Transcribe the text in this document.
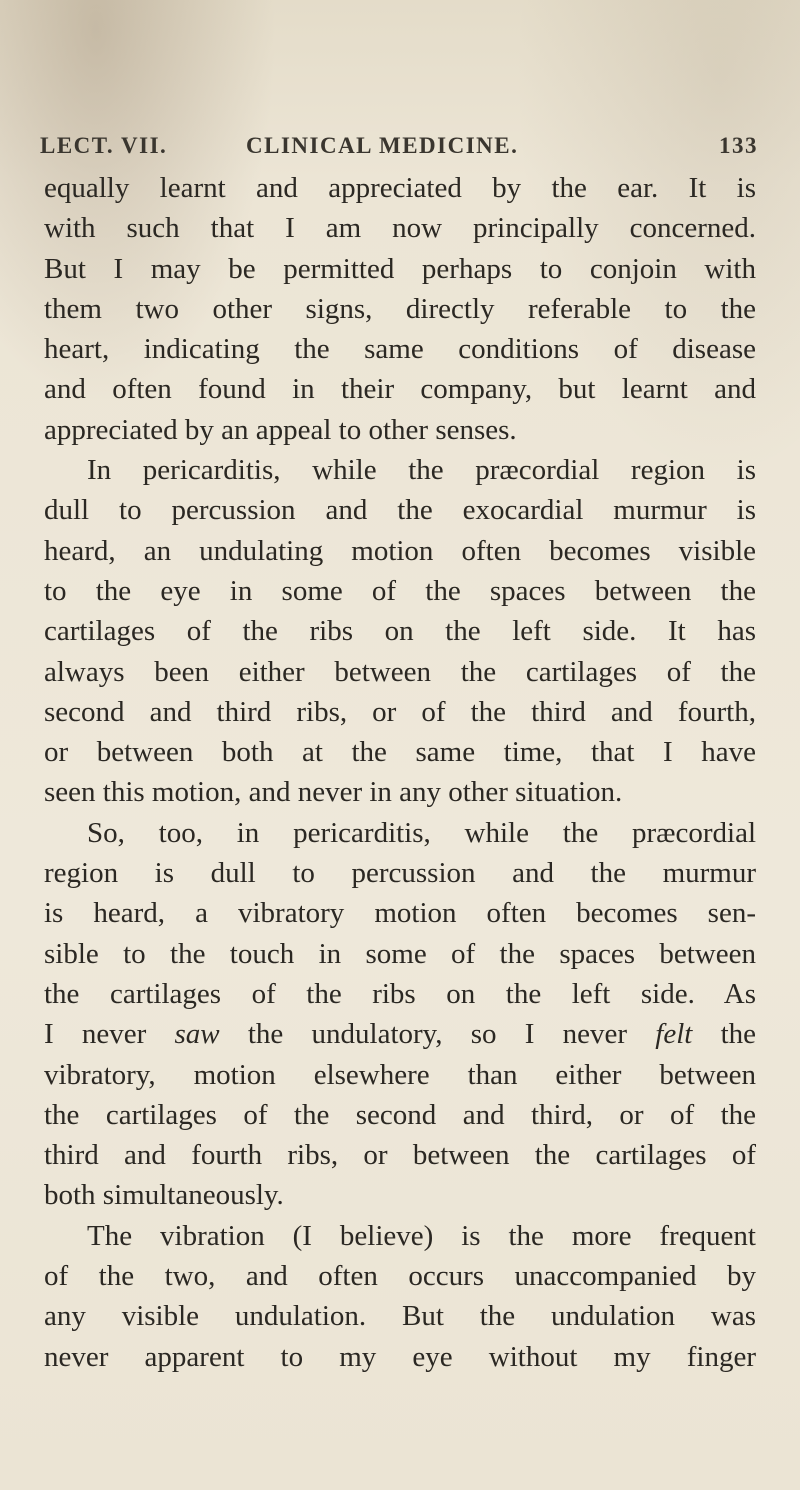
LECT. VII.	CLINICAL MEDICINE.	133
equally learnt and appreciated by the ear. It is
with such that I am now principally concerned.
But I may be permitted perhaps to conjoin with
them two other signs, directly referable to the
heart, indicating the same conditions of disease
and often found in their company, but learnt and
appreciated by an appeal to other senses.
In pericarditis, while the præcordial region is
dull to percussion and the exocardial murmur is
heard, an undulating motion often becomes visible
to the eye in some of the spaces between the
cartilages of the ribs on the left side. It has
always been either between the cartilages of the
second and third ribs, or of the third and fourth,
or between both at the same time, that I have
seen this motion, and never in any other situation.
So, too, in pericarditis, while the præcordial
region is dull to percussion and the murmur
is heard, a vibratory motion often becomes sen-
sible to the touch in some of the spaces between
the cartilages of the ribs on the left side. As
I never saw the undulatory, so I never felt the
vibratory, motion elsewhere than either between
the cartilages of the second and third, or of the
third and fourth ribs, or between the cartilages of
both simultaneously.
The vibration (I believe) is the more frequent
of the two, and often occurs unaccompanied by
any visible undulation. But the undulation was
never apparent to my eye without my finger
